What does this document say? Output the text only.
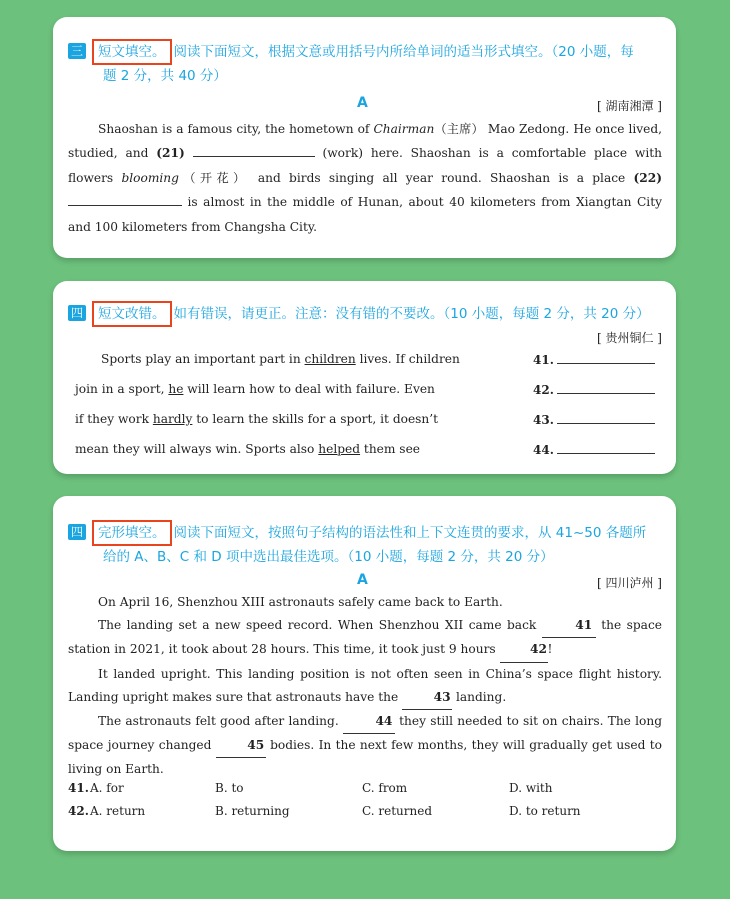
三 短文填空。 阅读下面短文，根据文意或用括号内所给单词的适当形式填空。（20 小题，每
题 2 分，共 40 分）
A	[ 湖南湘潭 ]

Shaoshan is a famous city, the hometown of Chairman（主席） Mao Zedong. He once lived, studied, and (21)	(work) here. Shaoshan is a comfortable place with flowers blooming（开花） and birds singing all year round. Shaoshan is a place (22)  is almost in the middle of Hunan, about 40 kilometers from Xiangtan City and 100 kilometers from Changsha City.

四 短文改错。 如有错误，请更正。注意：没有错的不要改。（10 小题，每题 2 分，共 20 分）
[ 贵州铜仁 ]
Sports play an important part in children lives. If children	41.
join in a sport, he will learn how to deal with failure. Even	42.
if they work hardly to learn the skills for a sport, it doesn’t	43.
mean they will always win. Sports also helped them see	44.
四 完形填空。 阅读下面短文，按照句子结构的语法性和上下文连贯的要求，从 41~50 各题所
给的 A、B、C 和 D 项中选出最佳选项。（10 小题，每题 2 分，共 20 分）
A	[ 四川泸州 ]

On April 16, Shenzhou XIII astronauts safely came back to Earth.

The landing set a new speed record. When Shenzhou XII came back	41 the space station in 2021, it took about 28 hours. This time, it took just 9 hours	42!

It landed upright. This landing position is not often seen in China’s space flight history. Landing upright makes sure that astronauts have the	43 landing.

The astronauts felt good after landing.	44 they still needed to sit on chairs. The long space journey changed	45 bodies. In the next few months, they will gradually get used to living on Earth.

41. A. for	B. to	C. from	D. with
42. A. return	B. returning	C. returned	D. to return
